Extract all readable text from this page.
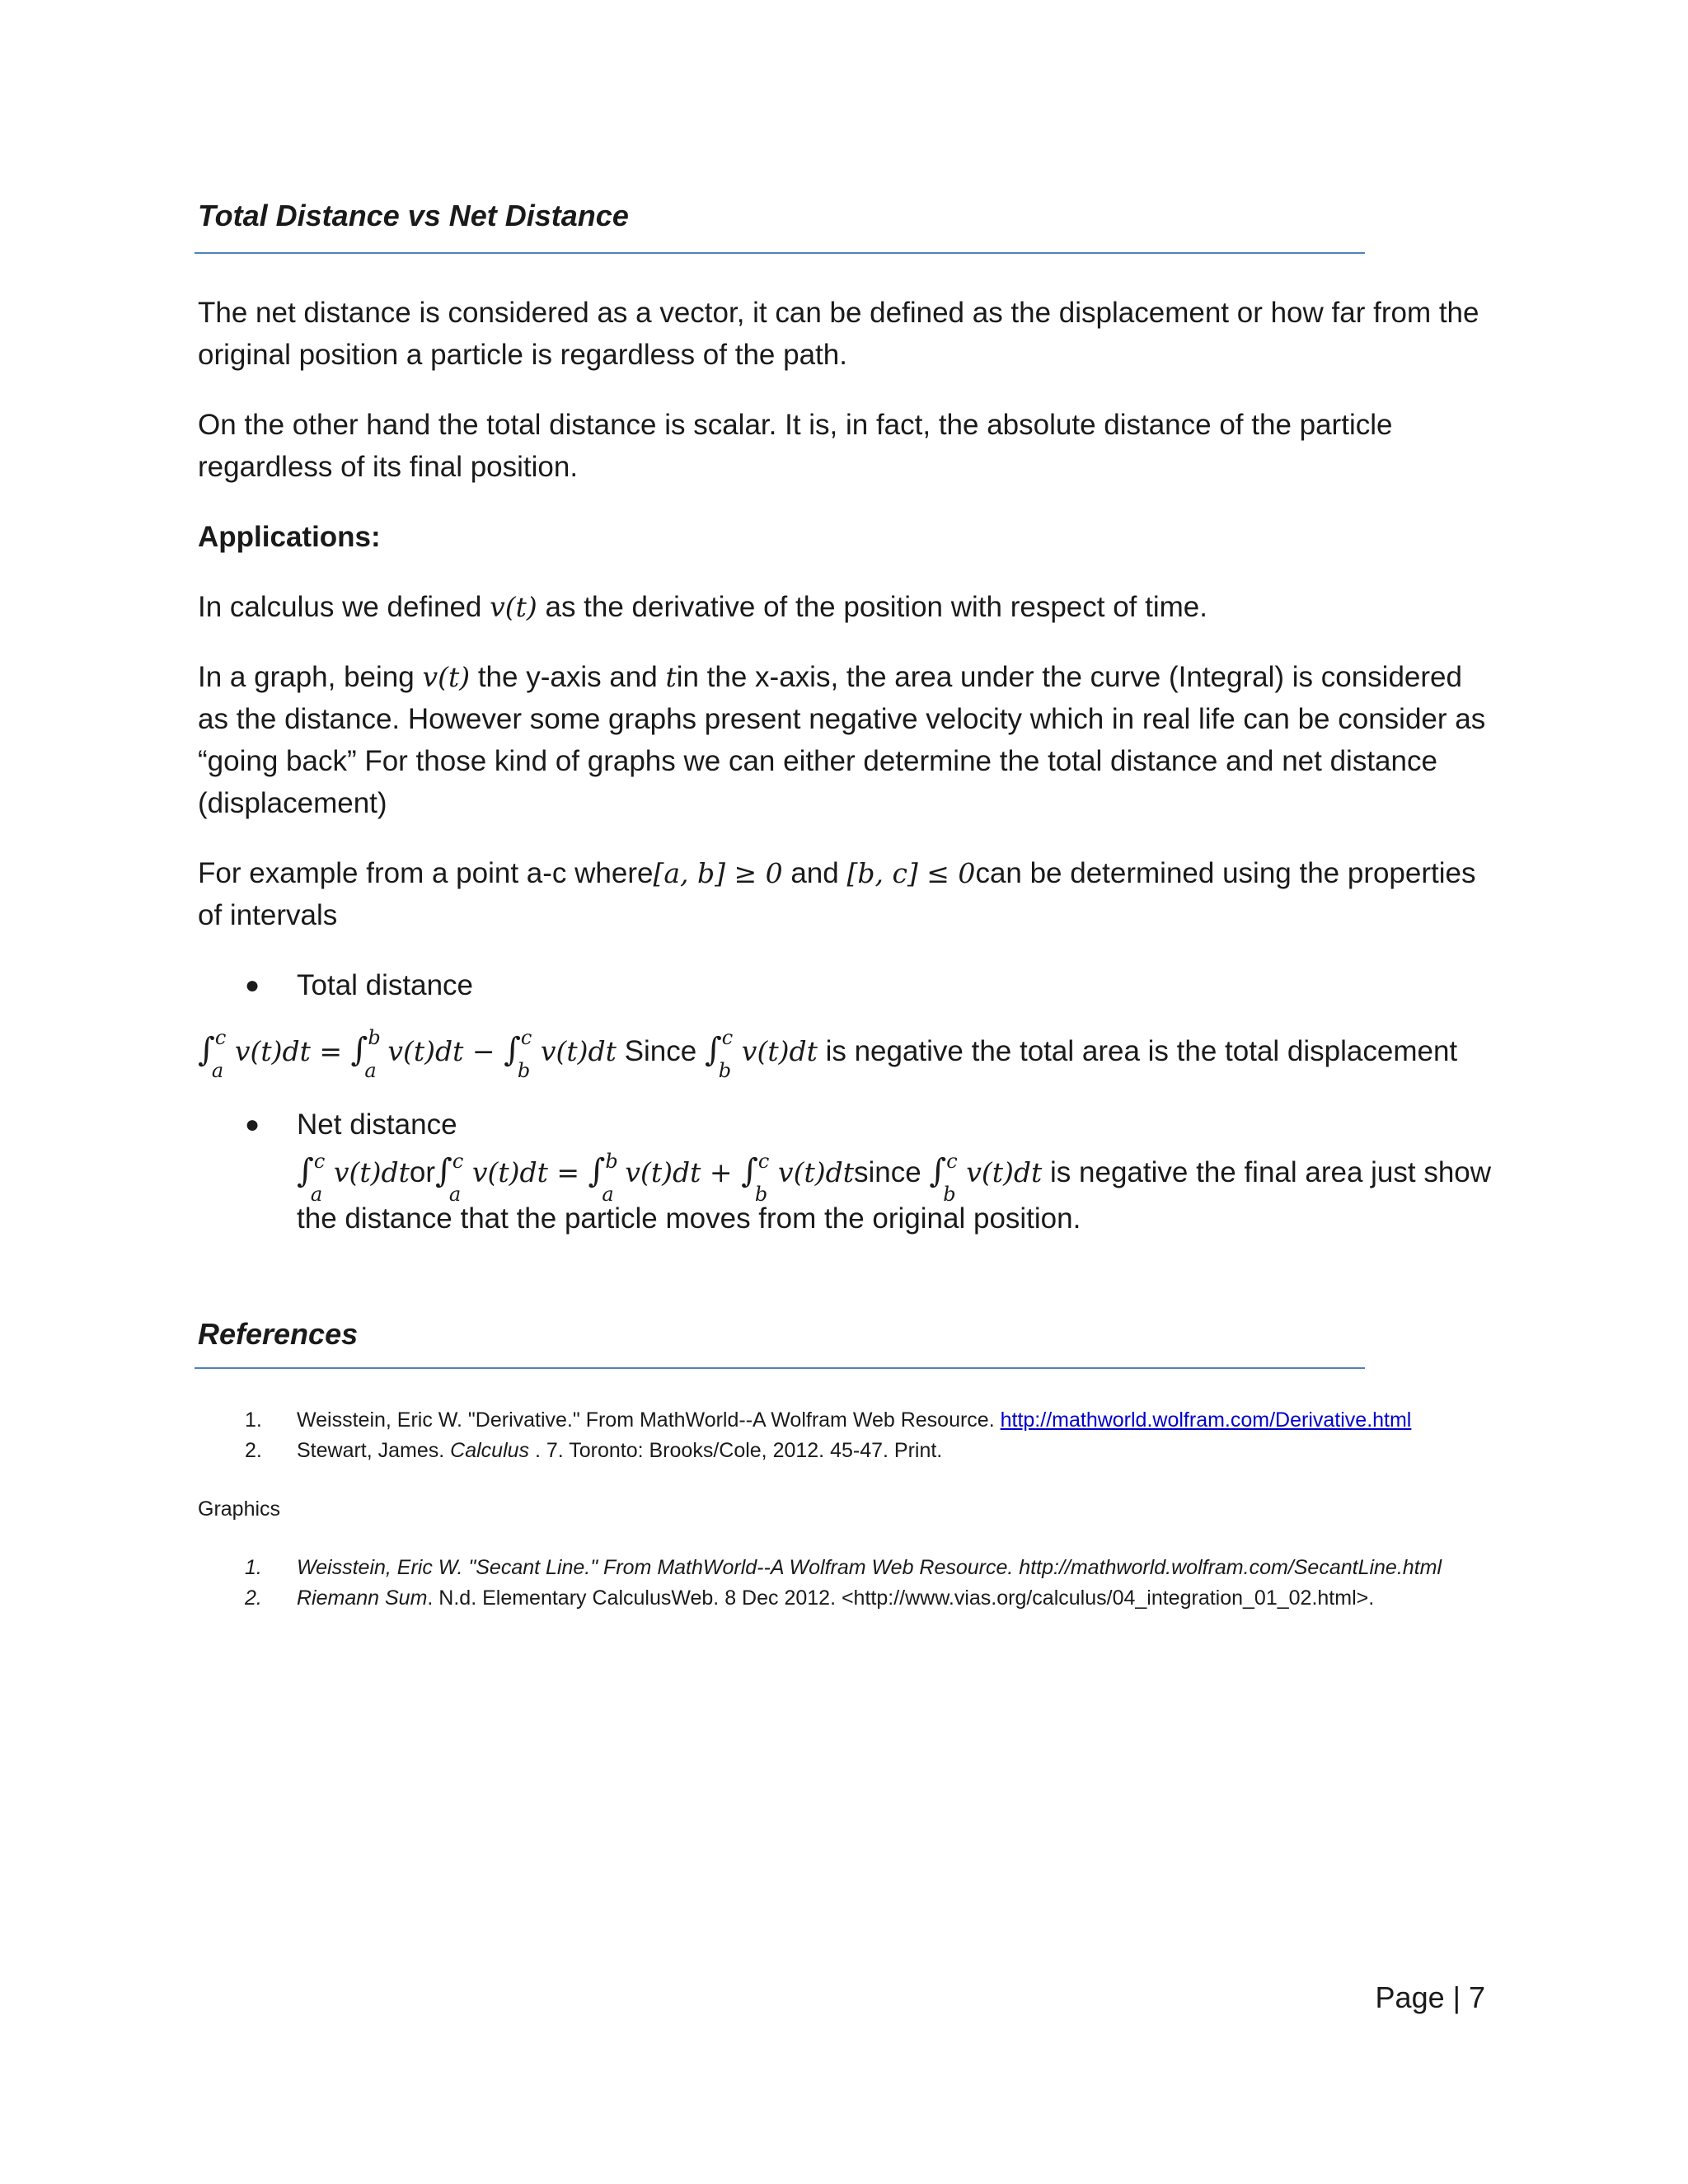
Total Distance vs Net Distance

The net distance is considered as a vector, it can be defined as the displacement or how far from the original position a particle is regardless of the path.

On the other hand the total distance is scalar. It is, in fact, the absolute distance of the particle regardless of its final position.

Applications:

In calculus we defined v(t) as the derivative of the position with respect of time.

In a graph, being v(t) the y-axis and tin the x-axis, the area under the curve (Integral) is considered as the distance. However some graphs present negative velocity which in real life can be consider as “going back” For those kind of graphs we can either determine the total distance and net distance (displacement)

For example from a point a-c where[a, b] ≥ 0 and [b, c] ≤ 0can be determined using the properties of intervals

● Total distance
∫ c
a
v(t)dt = ∫ b
a
v(t)dt − ∫ c
b
v(t)dt Since ∫ c
b
v(t)dt is negative the total area is the total displacement
● Net distance
∫ c
a
v(t)dtor∫ c
a
v(t)dt = ∫ b
a
v(t)dt + ∫ c
b
v(t)dtsince ∫ c
b
v(t)dt is negative the final area just show the distance that the particle moves from the original position.
References
1. Weisstein, Eric W. "Derivative." From MathWorld--A Wolfram Web Resource. http://mathworld.wolfram.com/Derivative.html
2. Stewart, James. Calculus . 7. Toronto: Brooks/Cole, 2012. 45-47. Print.
Graphics
1. Weisstein, Eric W. "Secant Line." From MathWorld--A Wolfram Web Resource. http://mathworld.wolfram.com/SecantLine.html
2. Riemann Sum. N.d. Elementary CalculusWeb. 8 Dec 2012. <http://www.vias.org/calculus/04_integration_01_02.html>.
Page | 7
